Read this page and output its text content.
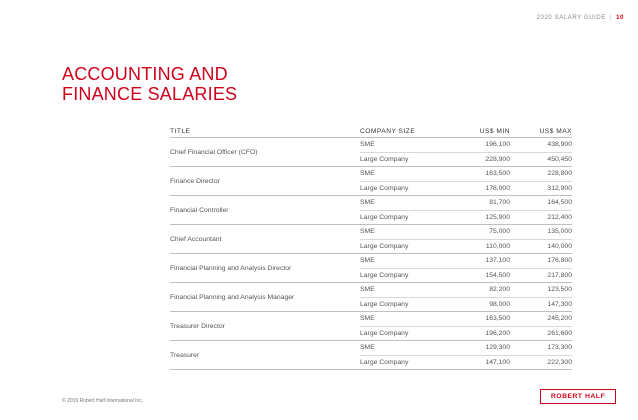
2020 SALARY GUIDE | 10
ACCOUNTING AND
FINANCE SALARIES
TITLE	COMPANY SIZE	US$ MIN	US$ MAX
Chief Financial Officer (CFO)
SME	196,100	438,900
Large Company	228,900	450,450
Finance Director
SME	163,500	228,800
Large Company	178,000	312,900
Financial Controller
SME	81,700	164,500
Large Company	125,900	212,400
Chief Accountant
SME	75,000	135,000
Large Company	110,000	140,000
Financial Planning and Analysis Director
SME	137,100	176,800
Large Company	154,500	217,800
Financial Planning and Analysis Manager
SME	82,200	123,500
Large Company	98,000	147,300
Treasurer Director
SME	163,500	245,200
Large Company	196,200	261,600
Treasurer
SME	129,300	173,300
Large Company	147,100	222,300
© 2019 Robert Half International Inc.
ROBERT HALF
